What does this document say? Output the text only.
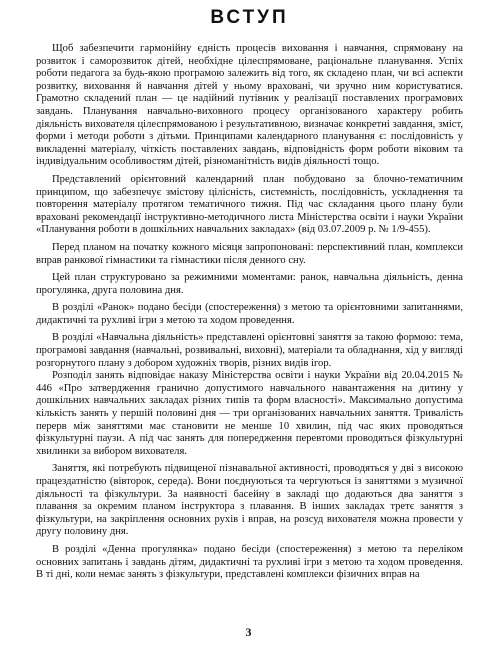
ВСТУП

Щоб забезпечити гармонійну єдність процесів виховання і навчання, спрямовану на розвиток і саморозвиток дітей, необхідне цілеспрямоване, раціональне планування. Успіх роботи педагога за будь-якою програмою залежить від того, як складено план, чи всі аспекти розвитку, виховання й навчання дітей у ньому враховані, чи зручно ним користуватися. Грамотно складений план — це надійний путівник у реалізації поставлених програмових завдань. Планування навчально-виховного процесу організованого характеру робить діяльність вихователя цілеспрямованою і результативною, визначає конкретні завдання, зміст, форми і методи роботи з дітьми. Принципами календарного планування є: послідовність у викладенні матеріалу, чіткість поставлених завдань, відповідність форм роботи віковим та індивідуальним особливостям дітей, різноманітність видів діяльності тощо.

Представлений орієнтовний календарний план побудовано за блочно-тематичним принципом, що забезпечує змістову цілісність, системність, послідовність, ускладнення та повторення матеріалу протягом тематичного тижня. Під час складання цього плану були враховані рекомендації інструктивно-методичного листа Міністерства освіти і науки України «Планування роботи в дошкільних навчальних закладах» (від 03.07.2009 р. № 1/9-455).

Перед планом на початку кожного місяця запропоновані: перспективний план, комплекси вправ ранкової гімнастики та гімнастики після денного сну.

Цей план структуровано за режимними моментами: ранок, навчальна діяльність, денна прогулянка, друга половина дня.

В розділі «Ранок» подано бесіди (спостереження) з метою та орієнтовними запитаннями, дидактичні та рухливі ігри з метою та ходом проведення.

В розділі «Навчальна діяльність» представлені орієнтовні заняття за такою формою: тема, програмові завдання (навчальні, розвивальні, виховні), матеріали та обладнання, хід у вигляді розгорнутого плану з добором художніх творів, різних видів ігор.

Розподіл занять відповідає наказу Міністерства освіти і науки України від 20.04.2015 № 446 «Про затвердження гранично допустимого навчального навантаження на дитину у дошкільних навчальних закладах різних типів та форм власності». Максимально допустима кількість занять у першій половині дня — три організованих навчальних заняття. Тривалість перерв між заняттями має становити не менше 10 хвилин, під час яких проводяться фізкультурні паузи. А під час занять для попередження перевтоми проводяться фізкультурні хвилинки за вибором вихователя.

Заняття, які потребують підвищеної пізнавальної активності, проводяться у дві з високою працездатністю (вівторок, середа). Вони поєднуються та чергуються із заняттями з музичної діяльності та фізкультури. За наявності басейну в закладі що додаються два заняття з плавання за окремим планом інструктора з плавання. В інших закладах третє заняття з фізкультури, на закріплення основних рухів і вправ, на розсуд вихователя можна провести у другу половину дня.

В розділі «Денна прогулянка» подано бесіди (спостереження) з метою та переліком основних запитань і завдань дітям, дидактичні та рухливі ігри з метою та ходом проведення. В ті дні, коли немає занять з фізкультури, представлені комплекси фізичних вправ на

3
